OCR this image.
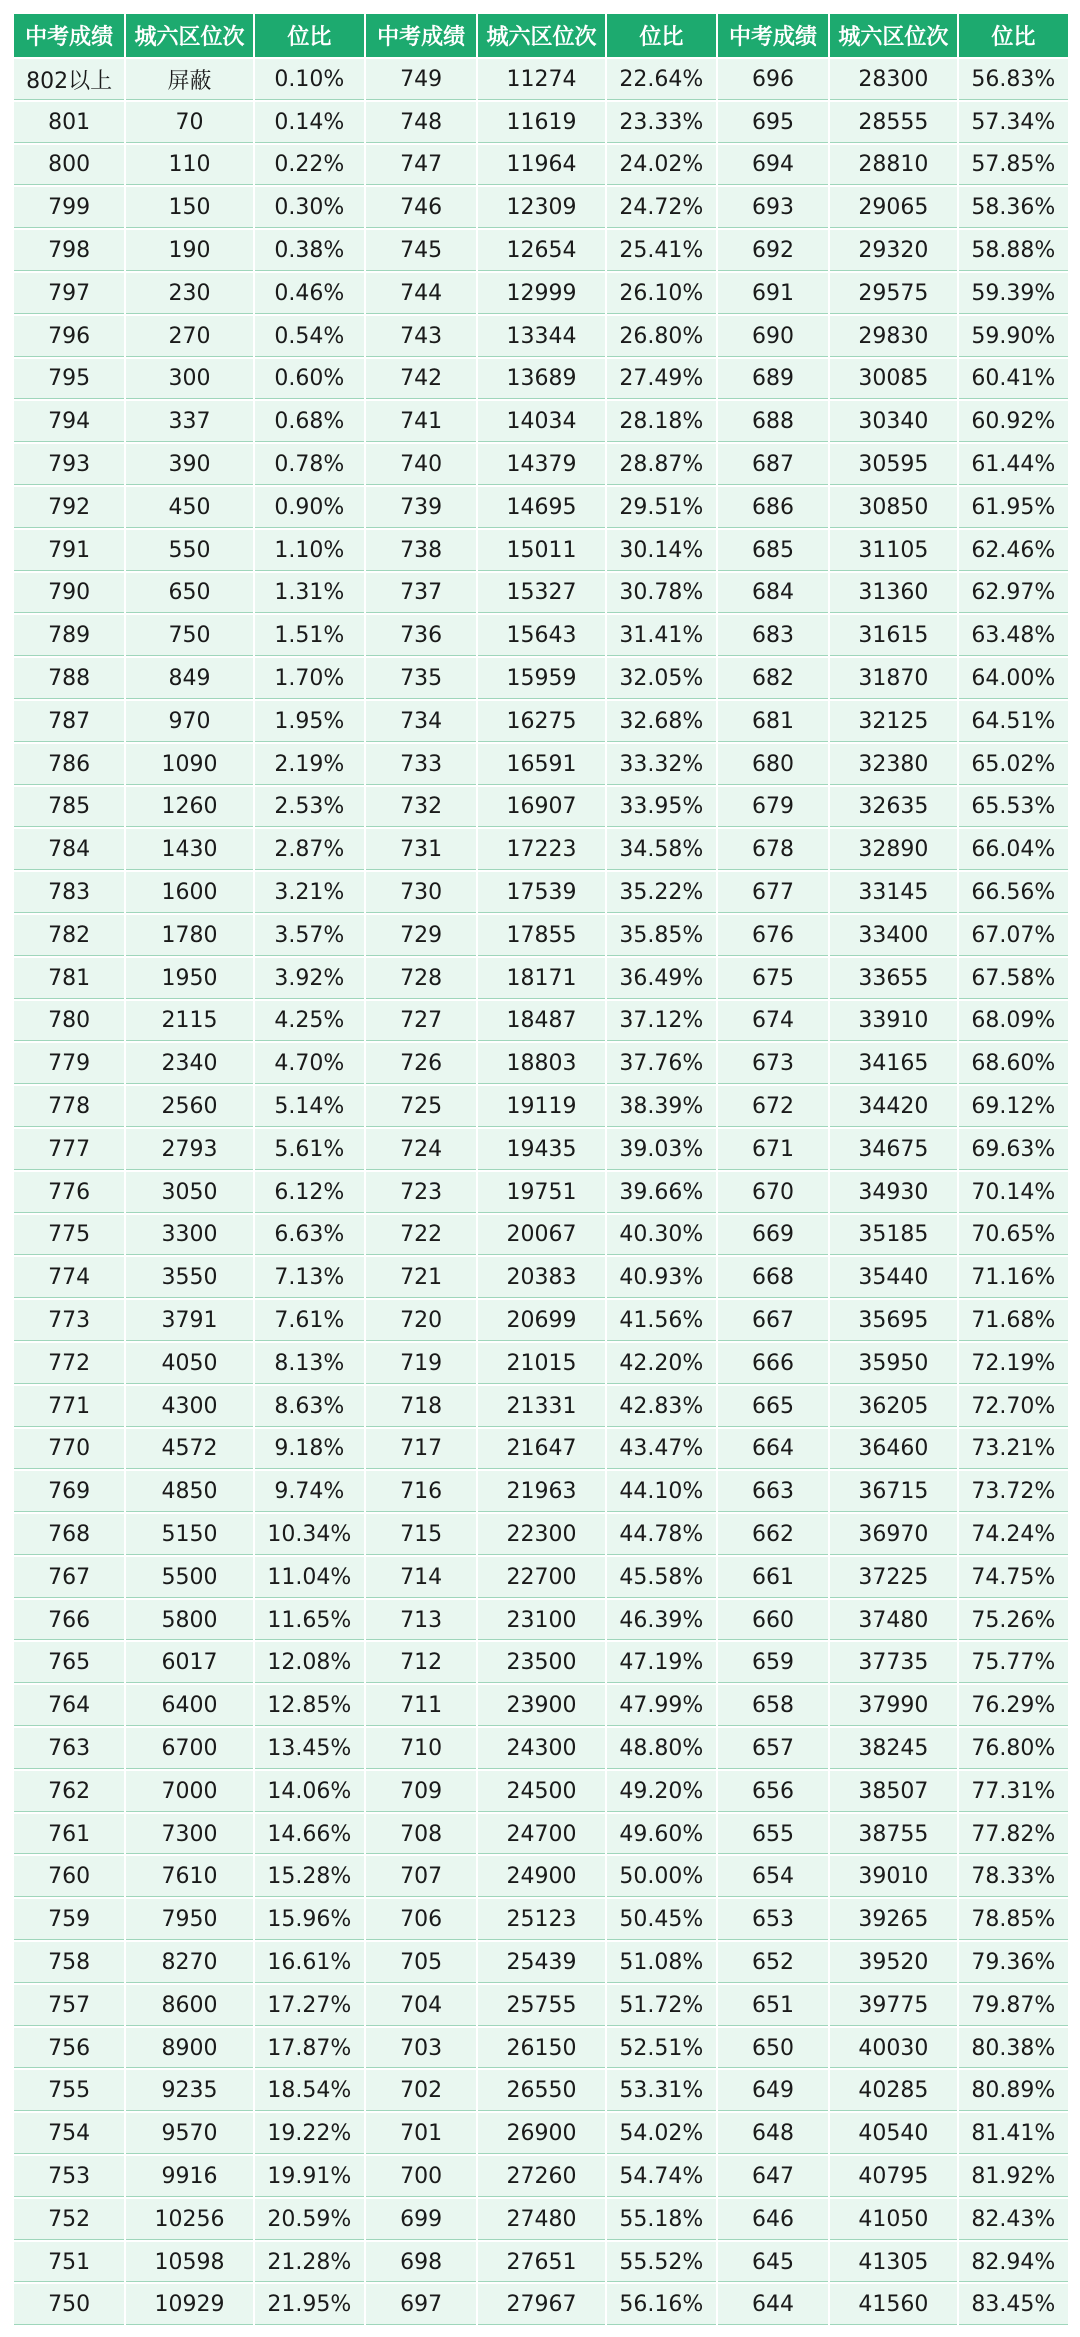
中考成绩	城六区位次	位比	中考成绩	城六区位次	位比	中考成绩	城六区位次	位比
802以上	屏蔽	0.10%	749	11274	22.64%	696	28300	56.83%
801	70	0.14%	748	11619	23.33%	695	28555	57.34%
800	110	0.22%	747	11964	24.02%	694	28810	57.85%
799	150	0.30%	746	12309	24.72%	693	29065	58.36%
798	190	0.38%	745	12654	25.41%	692	29320	58.88%
797	230	0.46%	744	12999	26.10%	691	29575	59.39%
796	270	0.54%	743	13344	26.80%	690	29830	59.90%
795	300	0.60%	742	13689	27.49%	689	30085	60.41%
794	337	0.68%	741	14034	28.18%	688	30340	60.92%
793	390	0.78%	740	14379	28.87%	687	30595	61.44%
792	450	0.90%	739	14695	29.51%	686	30850	61.95%
791	550	1.10%	738	15011	30.14%	685	31105	62.46%
790	650	1.31%	737	15327	30.78%	684	31360	62.97%
789	750	1.51%	736	15643	31.41%	683	31615	63.48%
788	849	1.70%	735	15959	32.05%	682	31870	64.00%
787	970	1.95%	734	16275	32.68%	681	32125	64.51%
786	1090	2.19%	733	16591	33.32%	680	32380	65.02%
785	1260	2.53%	732	16907	33.95%	679	32635	65.53%
784	1430	2.87%	731	17223	34.58%	678	32890	66.04%
783	1600	3.21%	730	17539	35.22%	677	33145	66.56%
782	1780	3.57%	729	17855	35.85%	676	33400	67.07%
781	1950	3.92%	728	18171	36.49%	675	33655	67.58%
780	2115	4.25%	727	18487	37.12%	674	33910	68.09%
779	2340	4.70%	726	18803	37.76%	673	34165	68.60%
778	2560	5.14%	725	19119	38.39%	672	34420	69.12%
777	2793	5.61%	724	19435	39.03%	671	34675	69.63%
776	3050	6.12%	723	19751	39.66%	670	34930	70.14%
775	3300	6.63%	722	20067	40.30%	669	35185	70.65%
774	3550	7.13%	721	20383	40.93%	668	35440	71.16%
773	3791	7.61%	720	20699	41.56%	667	35695	71.68%
772	4050	8.13%	719	21015	42.20%	666	35950	72.19%
771	4300	8.63%	718	21331	42.83%	665	36205	72.70%
770	4572	9.18%	717	21647	43.47%	664	36460	73.21%
769	4850	9.74%	716	21963	44.10%	663	36715	73.72%
768	5150	10.34%	715	22300	44.78%	662	36970	74.24%
767	5500	11.04%	714	22700	45.58%	661	37225	74.75%
766	5800	11.65%	713	23100	46.39%	660	37480	75.26%
765	6017	12.08%	712	23500	47.19%	659	37735	75.77%
764	6400	12.85%	711	23900	47.99%	658	37990	76.29%
763	6700	13.45%	710	24300	48.80%	657	38245	76.80%
762	7000	14.06%	709	24500	49.20%	656	38507	77.31%
761	7300	14.66%	708	24700	49.60%	655	38755	77.82%
760	7610	15.28%	707	24900	50.00%	654	39010	78.33%
759	7950	15.96%	706	25123	50.45%	653	39265	78.85%
758	8270	16.61%	705	25439	51.08%	652	39520	79.36%
757	8600	17.27%	704	25755	51.72%	651	39775	79.87%
756	8900	17.87%	703	26150	52.51%	650	40030	80.38%
755	9235	18.54%	702	26550	53.31%	649	40285	80.89%
754	9570	19.22%	701	26900	54.02%	648	40540	81.41%
753	9916	19.91%	700	27260	54.74%	647	40795	81.92%
752	10256	20.59%	699	27480	55.18%	646	41050	82.43%
751	10598	21.28%	698	27651	55.52%	645	41305	82.94%
750	10929	21.95%	697	27967	56.16%	644	41560	83.45%
